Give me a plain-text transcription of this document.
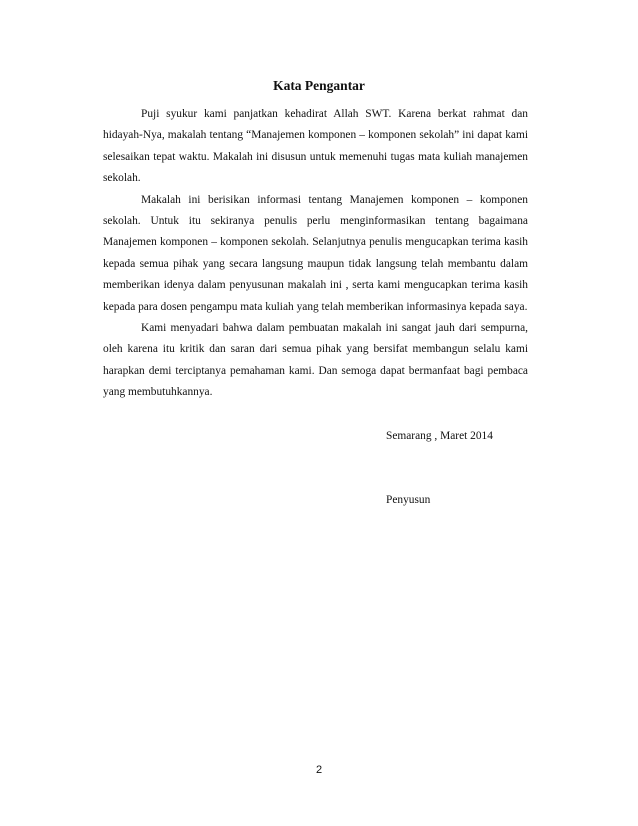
Kata Pengantar

Puji syukur kami panjatkan kehadirat Allah SWT. Karena berkat rahmat dan hidayah-Nya, makalah tentang “Manajemen komponen – komponen sekolah” ini dapat kami selesaikan tepat waktu. Makalah ini disusun untuk memenuhi tugas mata kuliah manajemen sekolah.

Makalah ini berisikan informasi tentang Manajemen komponen – komponen sekolah. Untuk itu sekiranya penulis perlu menginformasikan tentang bagaimana Manajemen komponen – komponen sekolah. Selanjutnya penulis mengucapkan terima kasih kepada semua pihak yang secara langsung maupun tidak langsung telah membantu dalam memberikan idenya dalam penyusunan makalah ini , serta kami mengucapkan terima kasih kepada para dosen pengampu mata kuliah yang telah memberikan informasinya kepada saya.

Kami menyadari bahwa dalam pembuatan makalah ini sangat jauh dari sempurna, oleh karena itu kritik dan saran dari semua pihak yang bersifat membangun selalu kami harapkan demi terciptanya pemahaman kami. Dan semoga dapat bermanfaat bagi pembaca yang membutuhkannya.

Semarang , Maret 2014
Penyusun
2
